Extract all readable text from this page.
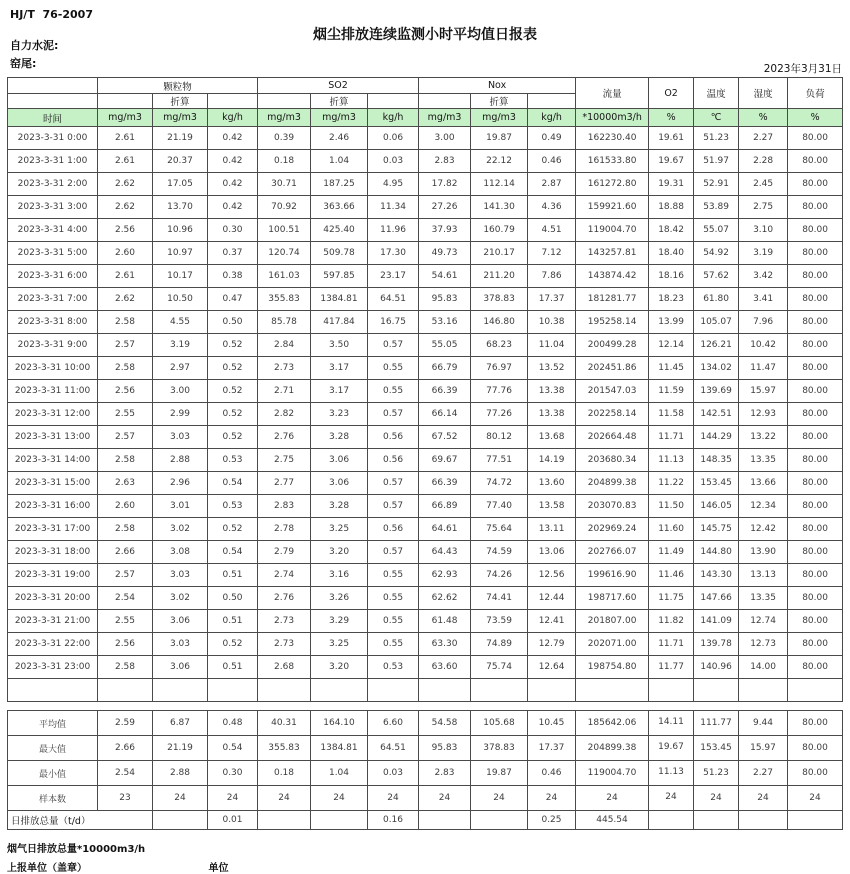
HJ/T  76-2007
烟尘排放连续监测小时平均值日报表
自力水泥:
窑尾:	2023年3月31日
	颗粒物			SO2			Nox			流量	O2	温度	湿度	负荷
		折算			折算			折算						
时间	mg/m3	mg/m3	kg/h	mg/m3	mg/m3	kg/h	mg/m3	mg/m3	kg/h	*10000m3/h	%	℃	%	%
2023-3-31 0:00	2.61	21.19	0.42	0.39	2.46	0.06	3.00	19.87	0.49	162230.40	19.61	51.23	2.27	80.00
2023-3-31 1:00	2.61	20.37	0.42	0.18	1.04	0.03	2.83	22.12	0.46	161533.80	19.67	51.97	2.28	80.00
2023-3-31 2:00	2.62	17.05	0.42	30.71	187.25	4.95	17.82	112.14	2.87	161272.80	19.31	52.91	2.45	80.00
2023-3-31 3:00	2.62	13.70	0.42	70.92	363.66	11.34	27.26	141.30	4.36	159921.60	18.88	53.89	2.75	80.00
2023-3-31 4:00	2.56	10.96	0.30	100.51	425.40	11.96	37.93	160.79	4.51	119004.70	18.42	55.07	3.10	80.00
2023-3-31 5:00	2.60	10.97	0.37	120.74	509.78	17.30	49.73	210.17	7.12	143257.81	18.40	54.92	3.19	80.00
2023-3-31 6:00	2.61	10.17	0.38	161.03	597.85	23.17	54.61	211.20	7.86	143874.42	18.16	57.62	3.42	80.00
2023-3-31 7:00	2.62	10.50	0.47	355.83	1384.81	64.51	95.83	378.83	17.37	181281.77	18.23	61.80	3.41	80.00
2023-3-31 8:00	2.58	4.55	0.50	85.78	417.84	16.75	53.16	146.80	10.38	195258.14	13.99	105.07	7.96	80.00
2023-3-31 9:00	2.57	3.19	0.52	2.84	3.50	0.57	55.05	68.23	11.04	200499.28	12.14	126.21	10.42	80.00
2023-3-31 10:00	2.58	2.97	0.52	2.73	3.17	0.55	66.79	76.97	13.52	202451.86	11.45	134.02	11.47	80.00
2023-3-31 11:00	2.56	3.00	0.52	2.71	3.17	0.55	66.39	77.76	13.38	201547.03	11.59	139.69	15.97	80.00
2023-3-31 12:00	2.55	2.99	0.52	2.82	3.23	0.57	66.14	77.26	13.38	202258.14	11.58	142.51	12.93	80.00
2023-3-31 13:00	2.57	3.03	0.52	2.76	3.28	0.56	67.52	80.12	13.68	202664.48	11.71	144.29	13.22	80.00
2023-3-31 14:00	2.58	2.88	0.53	2.75	3.06	0.56	69.67	77.51	14.19	203680.34	11.13	148.35	13.35	80.00
2023-3-31 15:00	2.63	2.96	0.54	2.77	3.06	0.57	66.39	74.72	13.60	204899.38	11.22	153.45	13.66	80.00
2023-3-31 16:00	2.60	3.01	0.53	2.83	3.28	0.57	66.89	77.40	13.58	203070.83	11.50	146.05	12.34	80.00
2023-3-31 17:00	2.58	3.02	0.52	2.78	3.25	0.56	64.61	75.64	13.11	202969.24	11.60	145.75	12.42	80.00
2023-3-31 18:00	2.66	3.08	0.54	2.79	3.20	0.57	64.43	74.59	13.06	202766.07	11.49	144.80	13.90	80.00
2023-3-31 19:00	2.57	3.03	0.51	2.74	3.16	0.55	62.93	74.26	12.56	199616.90	11.46	143.30	13.13	80.00
2023-3-31 20:00	2.54	3.02	0.50	2.76	3.26	0.55	62.62	74.41	12.44	198717.60	11.75	147.66	13.35	80.00
2023-3-31 21:00	2.55	3.06	0.51	2.73	3.29	0.55	61.48	73.59	12.41	201807.00	11.82	141.09	12.74	80.00
2023-3-31 22:00	2.56	3.03	0.52	2.73	3.25	0.55	63.30	74.89	12.79	202071.00	11.71	139.78	12.73	80.00
2023-3-31 23:00	2.58	3.06	0.51	2.68	3.20	0.53	63.60	75.74	12.64	198754.80	11.77	140.96	14.00	80.00

平均值	2.59	6.87	0.48	40.31	164.10	6.60	54.58	105.68	10.45	185642.06	14.11	111.77	9.44	80.00
最大值	2.66	21.19	0.54	355.83	1384.81	64.51	95.83	378.83	17.37	204899.38	19.67	153.45	15.97	80.00
最小值	2.54	2.88	0.30	0.18	1.04	0.03	2.83	19.87	0.46	119004.70	11.13	51.23	2.27	80.00
样本数	23	24	24	24	24	24	24	24	24	24	24	24	24	24
日排放总量（t/d）			0.01			0.16			0.25	445.54				
烟气日排放总量*10000m3/h
上报单位（盖章）	单位
